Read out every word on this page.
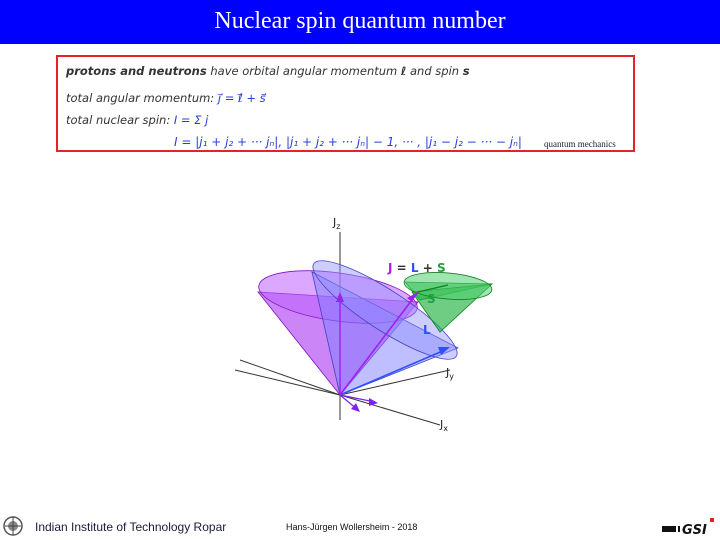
Nuclear spin quantum number
protons and neutrons have orbital angular momentum ℓ and spin s
total angular momentum: j⃗ = ℓ⃗ + s⃗
total nuclear spin: I = Σ j
I = |j₁ + j₂ + ··· jₙ|, |j₁ + j₂ + ··· jₙ| − 1, ··· , |j₁ − j₂ − ··· − jₙ| quantum mechanics
$J_z$
$J_y$
$J_x$
J = L + S
S
L
Indian Institute of Technology Ropar	Hans-Jürgen Wollersheim - 2018	GSI
